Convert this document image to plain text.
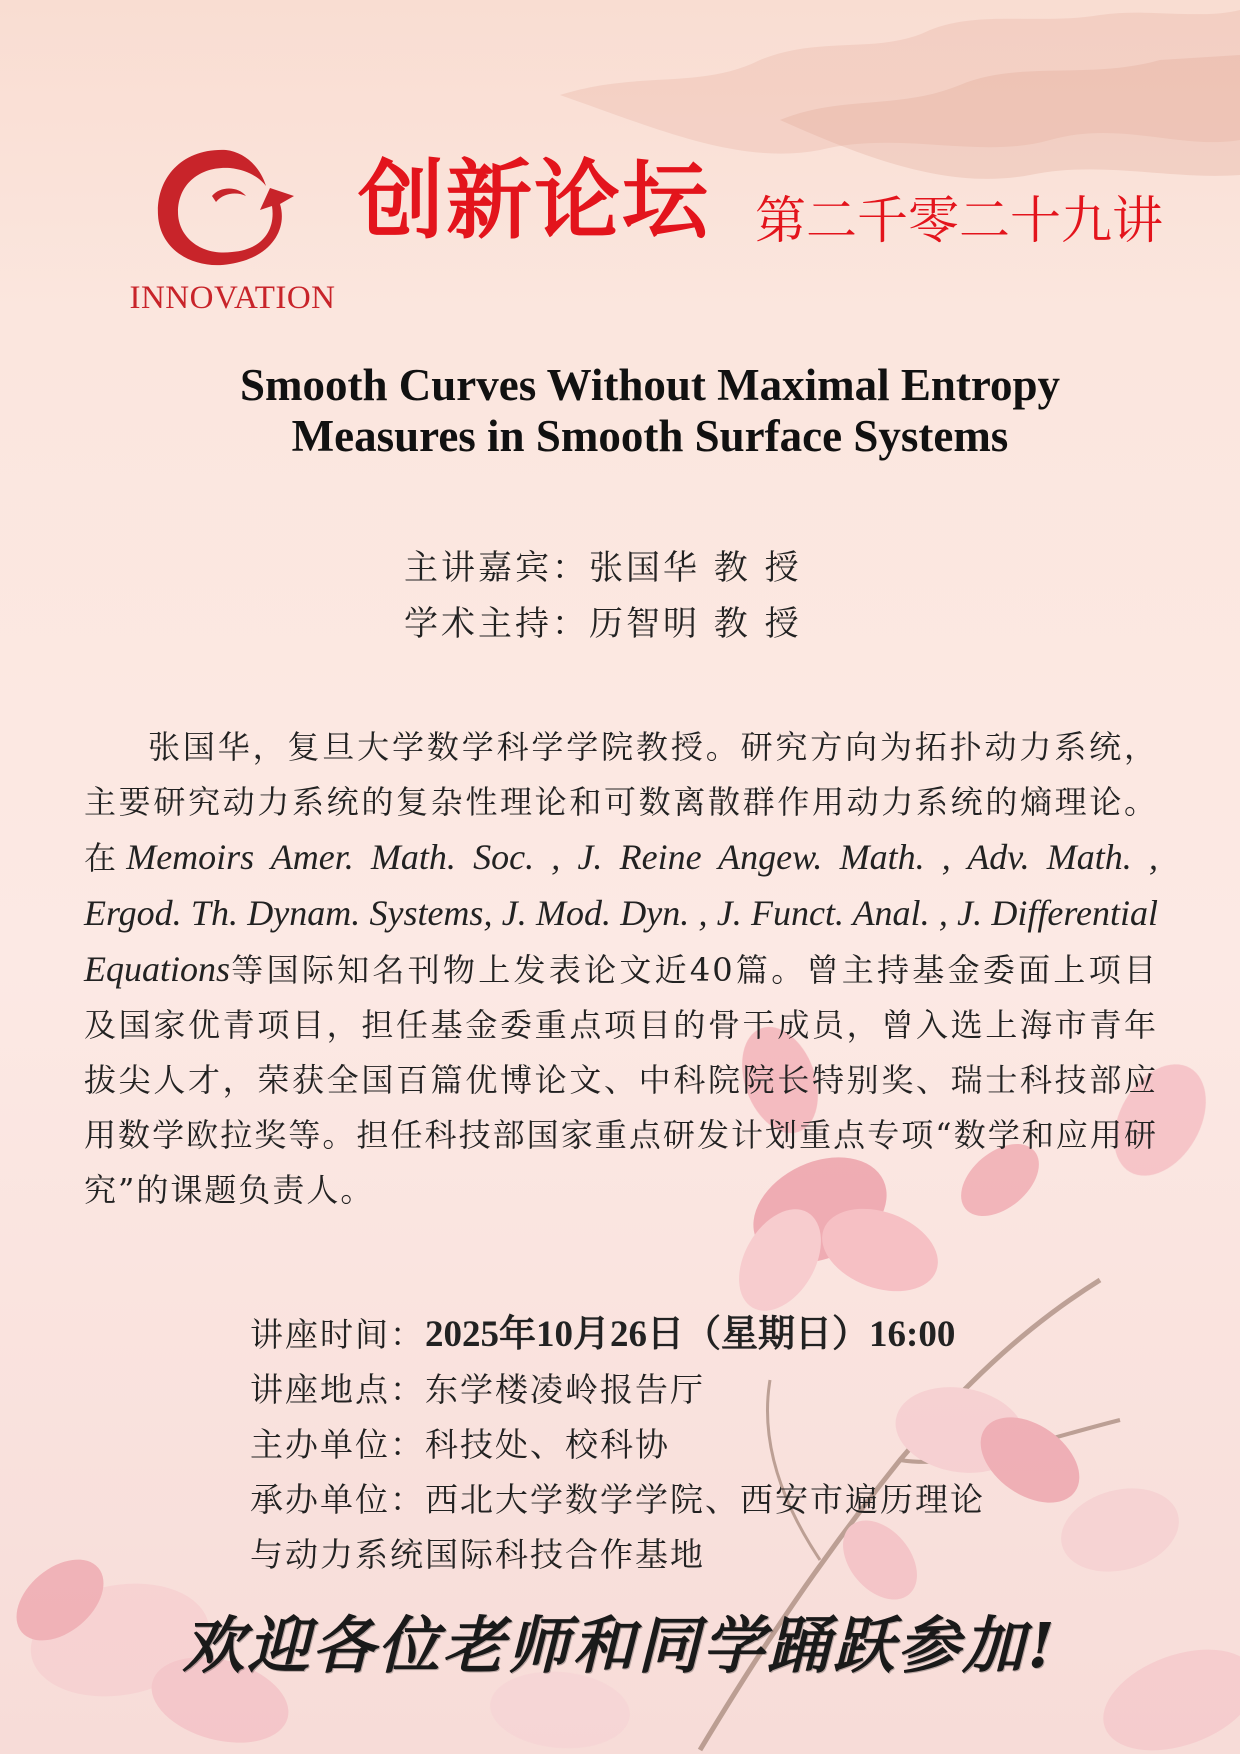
INNOVATION
创新论坛 第二千零二十九讲
Smooth Curves Without Maximal Entropy
Measures in Smooth Surface Systems
主讲嘉宾：张国华 教 授
学术主持：历智明 教 授
张国华，复旦大学数学科学学院教授。研究方向为拓扑动力系统，主要研究动力系统的复杂性理论和可数离散群作用动力系统的熵理论。 在Memoirs Amer. Math. Soc. , J. Reine Angew. Math. , Adv. Math. , Ergod. Th. Dynam. Systems, J. Mod. Dyn. , J. Funct. Anal. , J. Differential Equations等国际知名刊物上发表论文近40篇。曾主持基金委面上项目及国家优青项目，担任基金委重点项目的骨干成员，曾入选上海市青年拔尖人才，荣获全国百篇优博论文、中科院院长特别奖、瑞士科技部应用数学欧拉奖等。担任科技部国家重点研发计划重点专项“数学和应用研究”的课题负责人。
讲座时间：2025年10月26日（星期日）16:00
讲座地点：东学楼凌岭报告厅
主办单位：科技处、校科协
承办单位：西北大学数学学院、西安市遍历理论
与动力系统国际科技合作基地
欢迎各位老师和同学踊跃参加!
